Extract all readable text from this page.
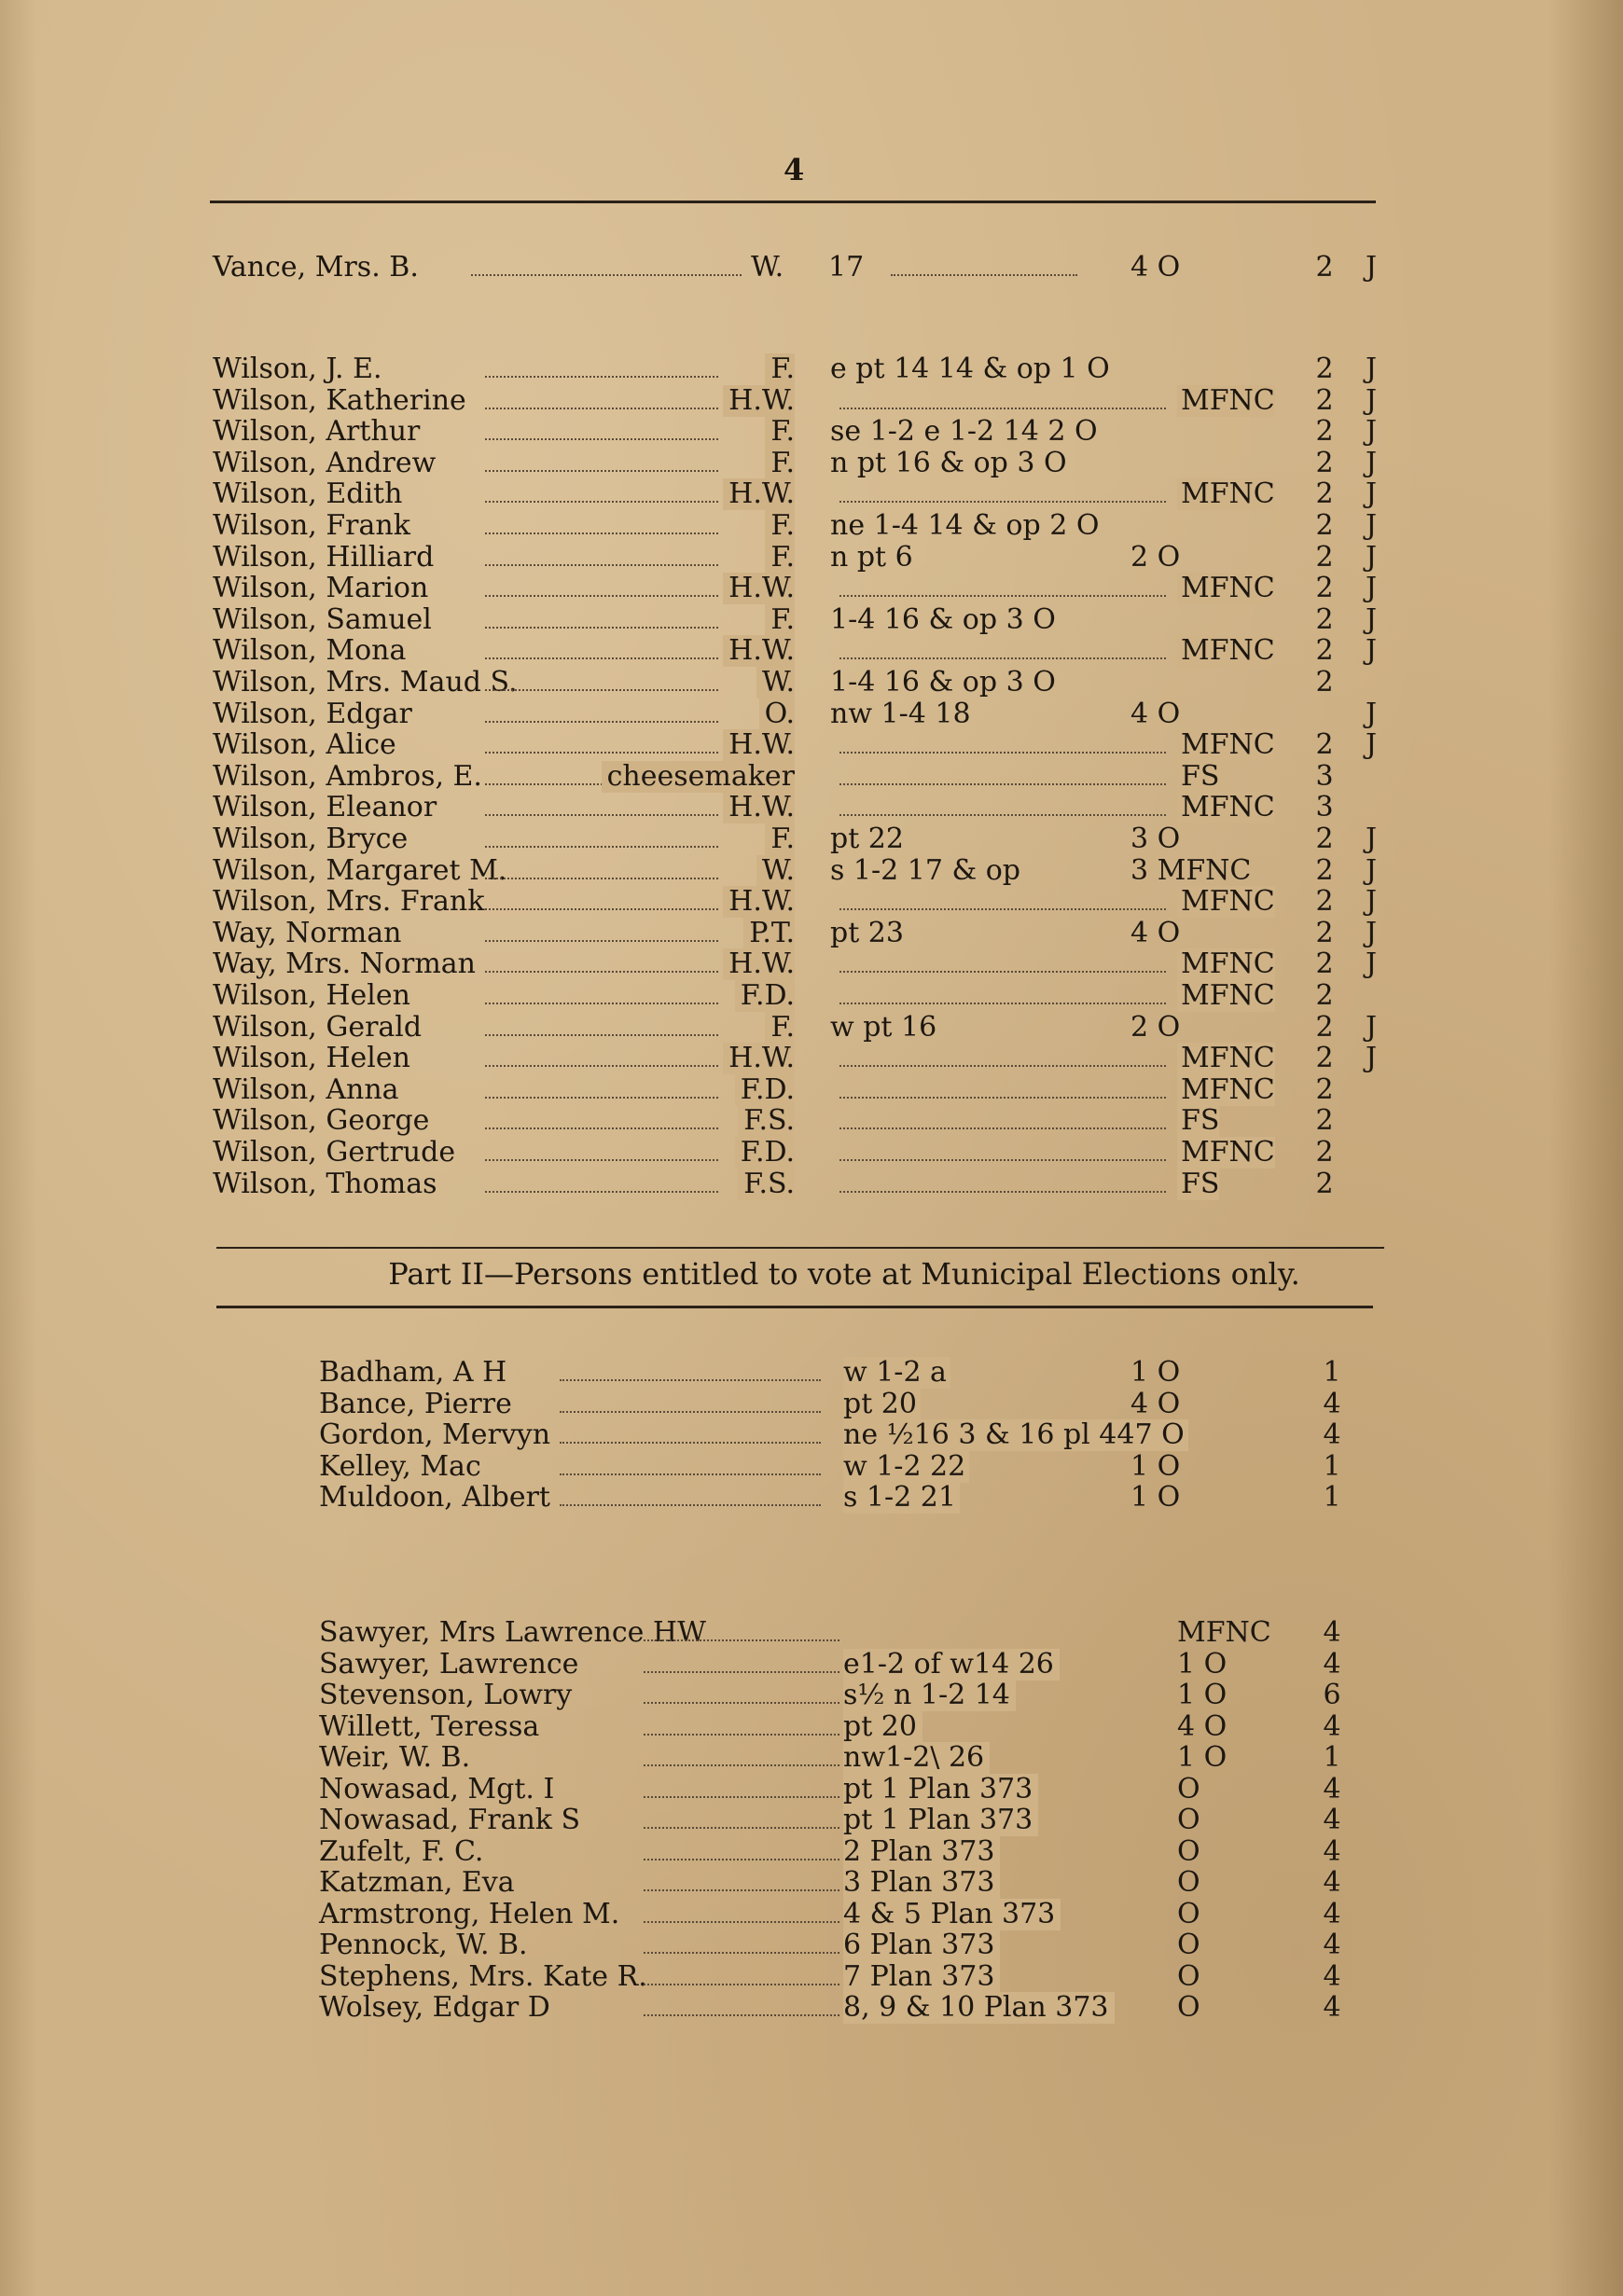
4
Vance, Mrs. B.	W. 17	4 O	2 J
Wilson, J. E.	F. e pt 14 14 & op 1 O	2 J
Wilson, Katherine	H.W.	MFNC 2 J
Wilson, Arthur	F. se 1-2 e 1-2 14 2 O	2 J
Wilson, Andrew	F. n pt 16 & op 3 O	2 J
Wilson, Edith	H.W.	MFNC 2 J
Wilson, Frank	F. ne 1-4 14 & op 2 O	2 J
Wilson, Hilliard	F. n pt 6	2 O	2 J
Wilson, Marion	H.W.	MFNC 2 J
Wilson, Samuel	F. 1-4 16 & op 3 O	2 J
Wilson, Mona	H.W.	MFNC 2 J
Wilson, Mrs. Maud S.	W. 1-4 16 & op 3 O	2
Wilson, Edgar	O. nw 1-4 18	4 O	J
Wilson, Alice	H.W.	MFNC 2 J
Wilson, Ambros, E.	cheesemaker	FS	3
Wilson, Eleanor	H.W.	MFNC 3
Wilson, Bryce	F. pt 22	3 O	2 J
Wilson, Margaret M.	W. s 1-2 17 & op	3 MFNC 2 J
Wilson, Mrs. Frank	H.W.	MFNC 2 J
Way, Norman	P.T. pt 23	4 O	2 J
Way, Mrs. Norman	H.W.	MFNC 2 J
Wilson, Helen	F.D.	MFNC 2
Wilson, Gerald	F. w pt 16	2 O	2 J
Wilson, Helen	H.W.	MFNC 2 J
Wilson, Anna	F.D.	MFNC 2
Wilson, George	F.S.	FS	2
Wilson, Gertrude	F.D.	MFNC 2
Wilson, Thomas	F.S.	FS	2
Part II—Persons entitled to vote at Municipal Elections only.
Badham, A H	w 1-2 a	1 O	1
Bance, Pierre	pt 20	4 O	4
Gordon, Mervyn	ne ½16 3 & 16 pl 447 O	4
Kelley, Mac	w 1-2 22	1 O	1
Muldoon, Albert	s 1-2 21	1 O	1
Sawyer, Mrs Lawrence HW	MFNC 4
Sawyer, Lawrence	e1-2 of w14 26	1 O	4
Stevenson, Lowry	s½ n 1-2 14	1 O	6
Willett, Teressa	pt 20	4 O	4
Weir, W. B.	nw1-2\ 26	1 O	1
Nowasad, Mgt. I	pt 1 Plan 373	O	4
Nowasad, Frank S	pt 1 Plan 373	O	4
Zufelt, F. C.	2 Plan 373	O	4
Katzman, Eva	3 Plan 373	O	4
Armstrong, Helen M.	4 & 5 Plan 373	O	4
Pennock, W. B.	6 Plan 373	O	4
Stephens, Mrs. Kate R.	7 Plan 373	O	4
Wolsey, Edgar D	8, 9 & 10 Plan 373 O	4
